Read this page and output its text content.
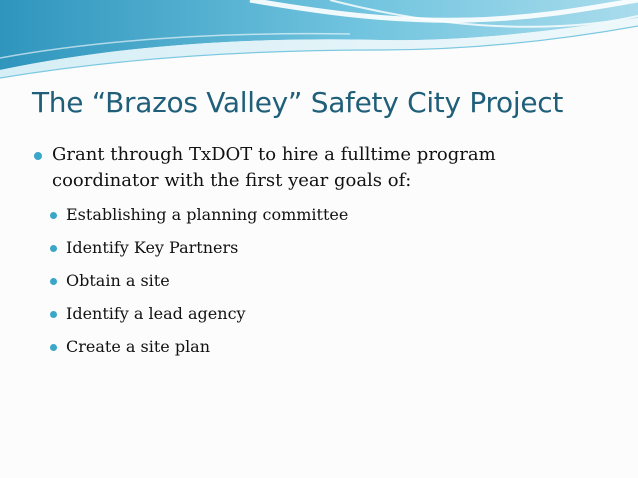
The “Brazos Valley” Safety City Project
Grant through TxDOT to hire a fulltime program coordinator with the first year goals of:
Establishing a planning committee
Identify Key Partners
Obtain a site
Identify a lead agency
Create a site plan
